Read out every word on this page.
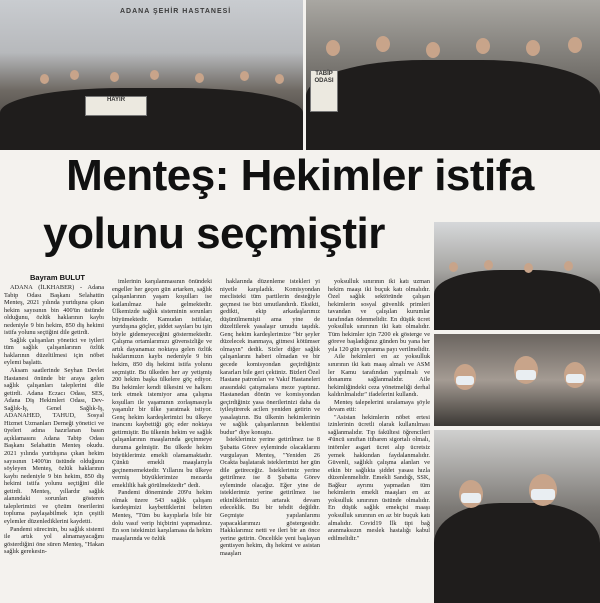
ADANA ŞEHİR HASTANESİ
HAYIR
TABİP ODASI
Menteş: Hekimler istifa
yolunu seçmiştir
Bayram BULUT

ADANA (İLKHABER) - Adana Tabip Odası Başkanı Selahattin Menteş, 2021 yılında yurtdışına çıkan hekim sayısının bin 400'ün üstünde olduğunu, özlük haklarının kaybı nedeniyle 9 bin hekim, 850 diş hekimi istifa yolunu seçtiğini dile getirdi.

Sağlık çalışanları yönetici ve iyileri tüm sağlık çalışanlarının özlük haklarının düzeltilmesi için nöbet eylemi başlattı.

Aksam saatlerinde Seyhan Devlet Hastanesi önünde bir araya gelen sağlık çalışanları taleplerini dile getirdi. Adana Eczacı Odası, SES, Adana Diş Hekimleri Odası, Dev-Sağlık-İş, Genel Sağlık-İş, ADANAHED, TAHUD, Sosyal Hizmet Uzmanları Derneği yönetici ve üyeleri adına hazırlanan basın açıklamasını Adana Tabip Odası Başkanı Selahattin Menteş okudu. 2021 yılında yurtdışına çıkan hekim sayısının 1400'ün üstünde olduğunu söyleyen Menteş, özlük haklarının kaybı nedeniyle 9 bin hekim, 850 diş hekimi istifa yolunu seçtiğini dile getirdi. Menteş, yıllardır sağlık alanındaki sorunları gösteren taleplerimizi ve çözüm önerilerini topluma paylaşabilmek için çeşitli eylemler düzenlediklerini kaydetti.

Pandemi sürecinin, bu sağlık sistemi ile artık yol alınamayacağını gösterdiğini öne süren Menteş, "Hakan sağlık gerekesin-

imlerinin karşılanmasının önündeki engeller her geçen gün artarken, sağlık çalışanlarının yaşam koşulları ise katlanılmaz hale gelmektedir. Ülkemizde sağlık sisteminin sorunları büyümektedir. Kamudan istifalar, yurtdışına göçler, şiddet sayıları bu işin böyle gidemeyeceğini göstermektedir. Çalışma ortamlarımızı güvensizliğe ve artık dayanamaz noktaya gelen özlük haklarımızın kaybı nedeniyle 9 bin hekim, 850 diş hekimi istifa yolunu seçmiştir. Bu ülkeden her ay yetişmiş 200 hekim başka ülkelere göç ediyor. Bu hekimler kendi ülkesini ve halkını terk etmek istemiyor ama çalışma koşulları ile yaşamının zorlaşmasıyla yaşanılır bir ülke yaratmak istiyor. Genç hekim kardeşlerimizi bu ülkeye inancını kaybettiği göç eder noktaya getirmiştir. Bu ülkenin hekim ve sağlık çalışanlarının maaşlarında geçinmeye duruma gelmiştir. Bu ülkede hekim büyüklerimiz emekli olamamaktadır. Çünkü emekli maaşlarıyla geçinememektedir. Yıllarını bu ülkeye vermiş büyüklerimize mezarda emeklilik hak görülmektedir" dedi.

Pandemi döneminde 209'u hekim olmak üzere 543 sağlık çalışanı kardeşimizi kaybettiklerini belirten Menteş, "Tüm bu kayıplarla bile bir dolu vasıf verip hiçbirini yapmadınız. En son istekimizi karşılamasa da hekim maaşlarında ve özlük

haklarında düzenleme istekleri yi niyetle karşıladık. Komisyondan meclisteki tüm partilerin desteğiyle geçmesi ise bizi umutlandırdı. Eksikti, gedikti, ekip arkadaşlarımız düşünülmemişti ama yine de düzeltilerek yasalaşır umudu taşıdık. Genç hekim kardeşlerimize "bir şeyler düzelecek inanmaya, gitmesi kötümser olmayın" dedik. Sizler diğer sağlık çalışanlarını haberi olmadan ve bir gecede komisyondan geçirdiğiniz kararları bile geri çektiniz. Bizleri Özel Hastane patronları ve Vakıf Hastaneleri arasındaki çatışmalara meze yaptınız. Hastanedan dönün ve komisyondan geçirdiğiniz yasa önerilerinizi daha da iyileştirerek acilen yeniden getirin ve yasalaştırın. Bu ülkenin hekimlerinin ve sağlık çalışanlarının beklentisi budur" diye konuştu.

İsteklerimiz yerine getirilmez ise 8 Şubatta Görev eyleminde olacaklarını vurgulayan Menteş, "Yeniden 26 Ocakta başlatarak isteklerimizi her gün dile getireceğiz. İsteklerimiz yerine getirilmez ise 8 Şubatta Görev eyleminde olacağız. Eğer yine de isteklerimiz yerine getirilmez ise etkinliklerimizi artarak devam edeceklik. Bu bir tehdit değildir. Geçmişte yapılanlarımı yapacaklarımızı göstergesidir. Hakkılarımız netti ve ileri bir an önce yerine getirin. Öncelikle yeni başlayan gentisyen hekim, diş hekimi ve asistan maaşları

yoksulluk sınırının iki katı uzman hekim maaşı iki buçuk katı olmalıdır. Özel sağlık sektöründe çalışan hekimlerin sosyal güvenlik primleri tavandan ve çalışılan kurumlar tarafından ödenmelidir. En düşük ücret yoksulluk sınırının iki katı olmalıdır. Tüm hekimler için 7200 ek gösterge ve göreve başladığınız günden bu yana her yıla 120 gün yıpranma payı verilmelidir.

Aile hekimleri en az yoksulluk sınırının iki katı maaş almalı ve ASM ler Kamu tarafından yapılmalı ve donanımı sağlanmalıdır. Aile hekimliğindeki ceza yönetmeliği derhal kaldırılmalıdır" ifadelerini kullandı.

Menteş talepelerini sıralamaya şöyle devam etti:

"Asistan hekimlerin nöbet ertesi izinlerinin ücretli olarak kullanılması sağlanmalıdır. Tıp fakültesi öğrencileri 4'üncü sınıftan itibaren sigortalı olmalı, intörnler asgari ücret alıp ücretsiz yemek hakkından faydalanmalıdır. Güvenli, sağlıklı çalışma alanları ve etkin bir sağlıkta şiddet yasası hızla düzenlenmelidir. Emekli Sandığı, SSK, Bağkur ayrımı yapmadan tüm hekimlerin emekli maaşları en az yoksulluk sınırının üstünde olmalıdır. En düşük sağlık emekçisi maaşı yoksulluk sınırının en az bir buçuk katı almalıdır. Covid19 İlk tipi bağ aranmaksızın meslek hastalığı kabul edilmelidir."
